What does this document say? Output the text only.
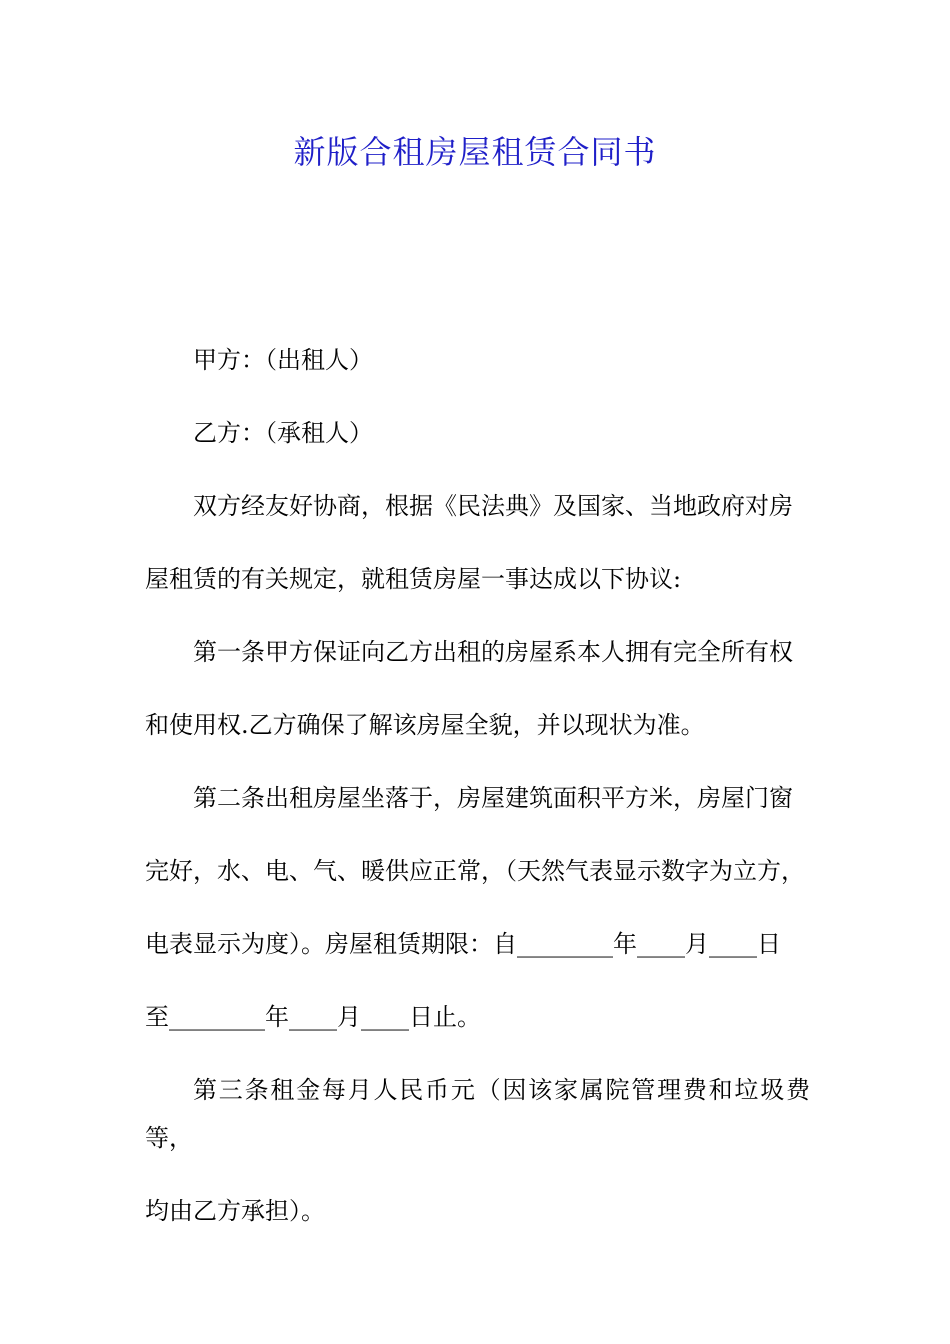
新版合租房屋租赁合同书

甲方：（出租人）

乙方：（承租人）

双方经友好协商，根据《民法典》及国家、当地政府对房
屋租赁的有关规定，就租赁房屋一事达成以下协议:

第一条甲方保证向乙方出租的房屋系本人拥有完全所有权
和使用权.乙方确保了解该房屋全貌，并以现状为准。

第二条出租房屋坐落于，房屋建筑面积平方米，房屋门窗
完好，水、电、气、暖供应正常，（天然气表显示数字为立方，
电表显示为度）。房屋租赁期限：自________年____月____日
至________年____月____日止。

第三条租金每月人民币元（因该家属院管理费和垃圾费等，
均由乙方承担）。
